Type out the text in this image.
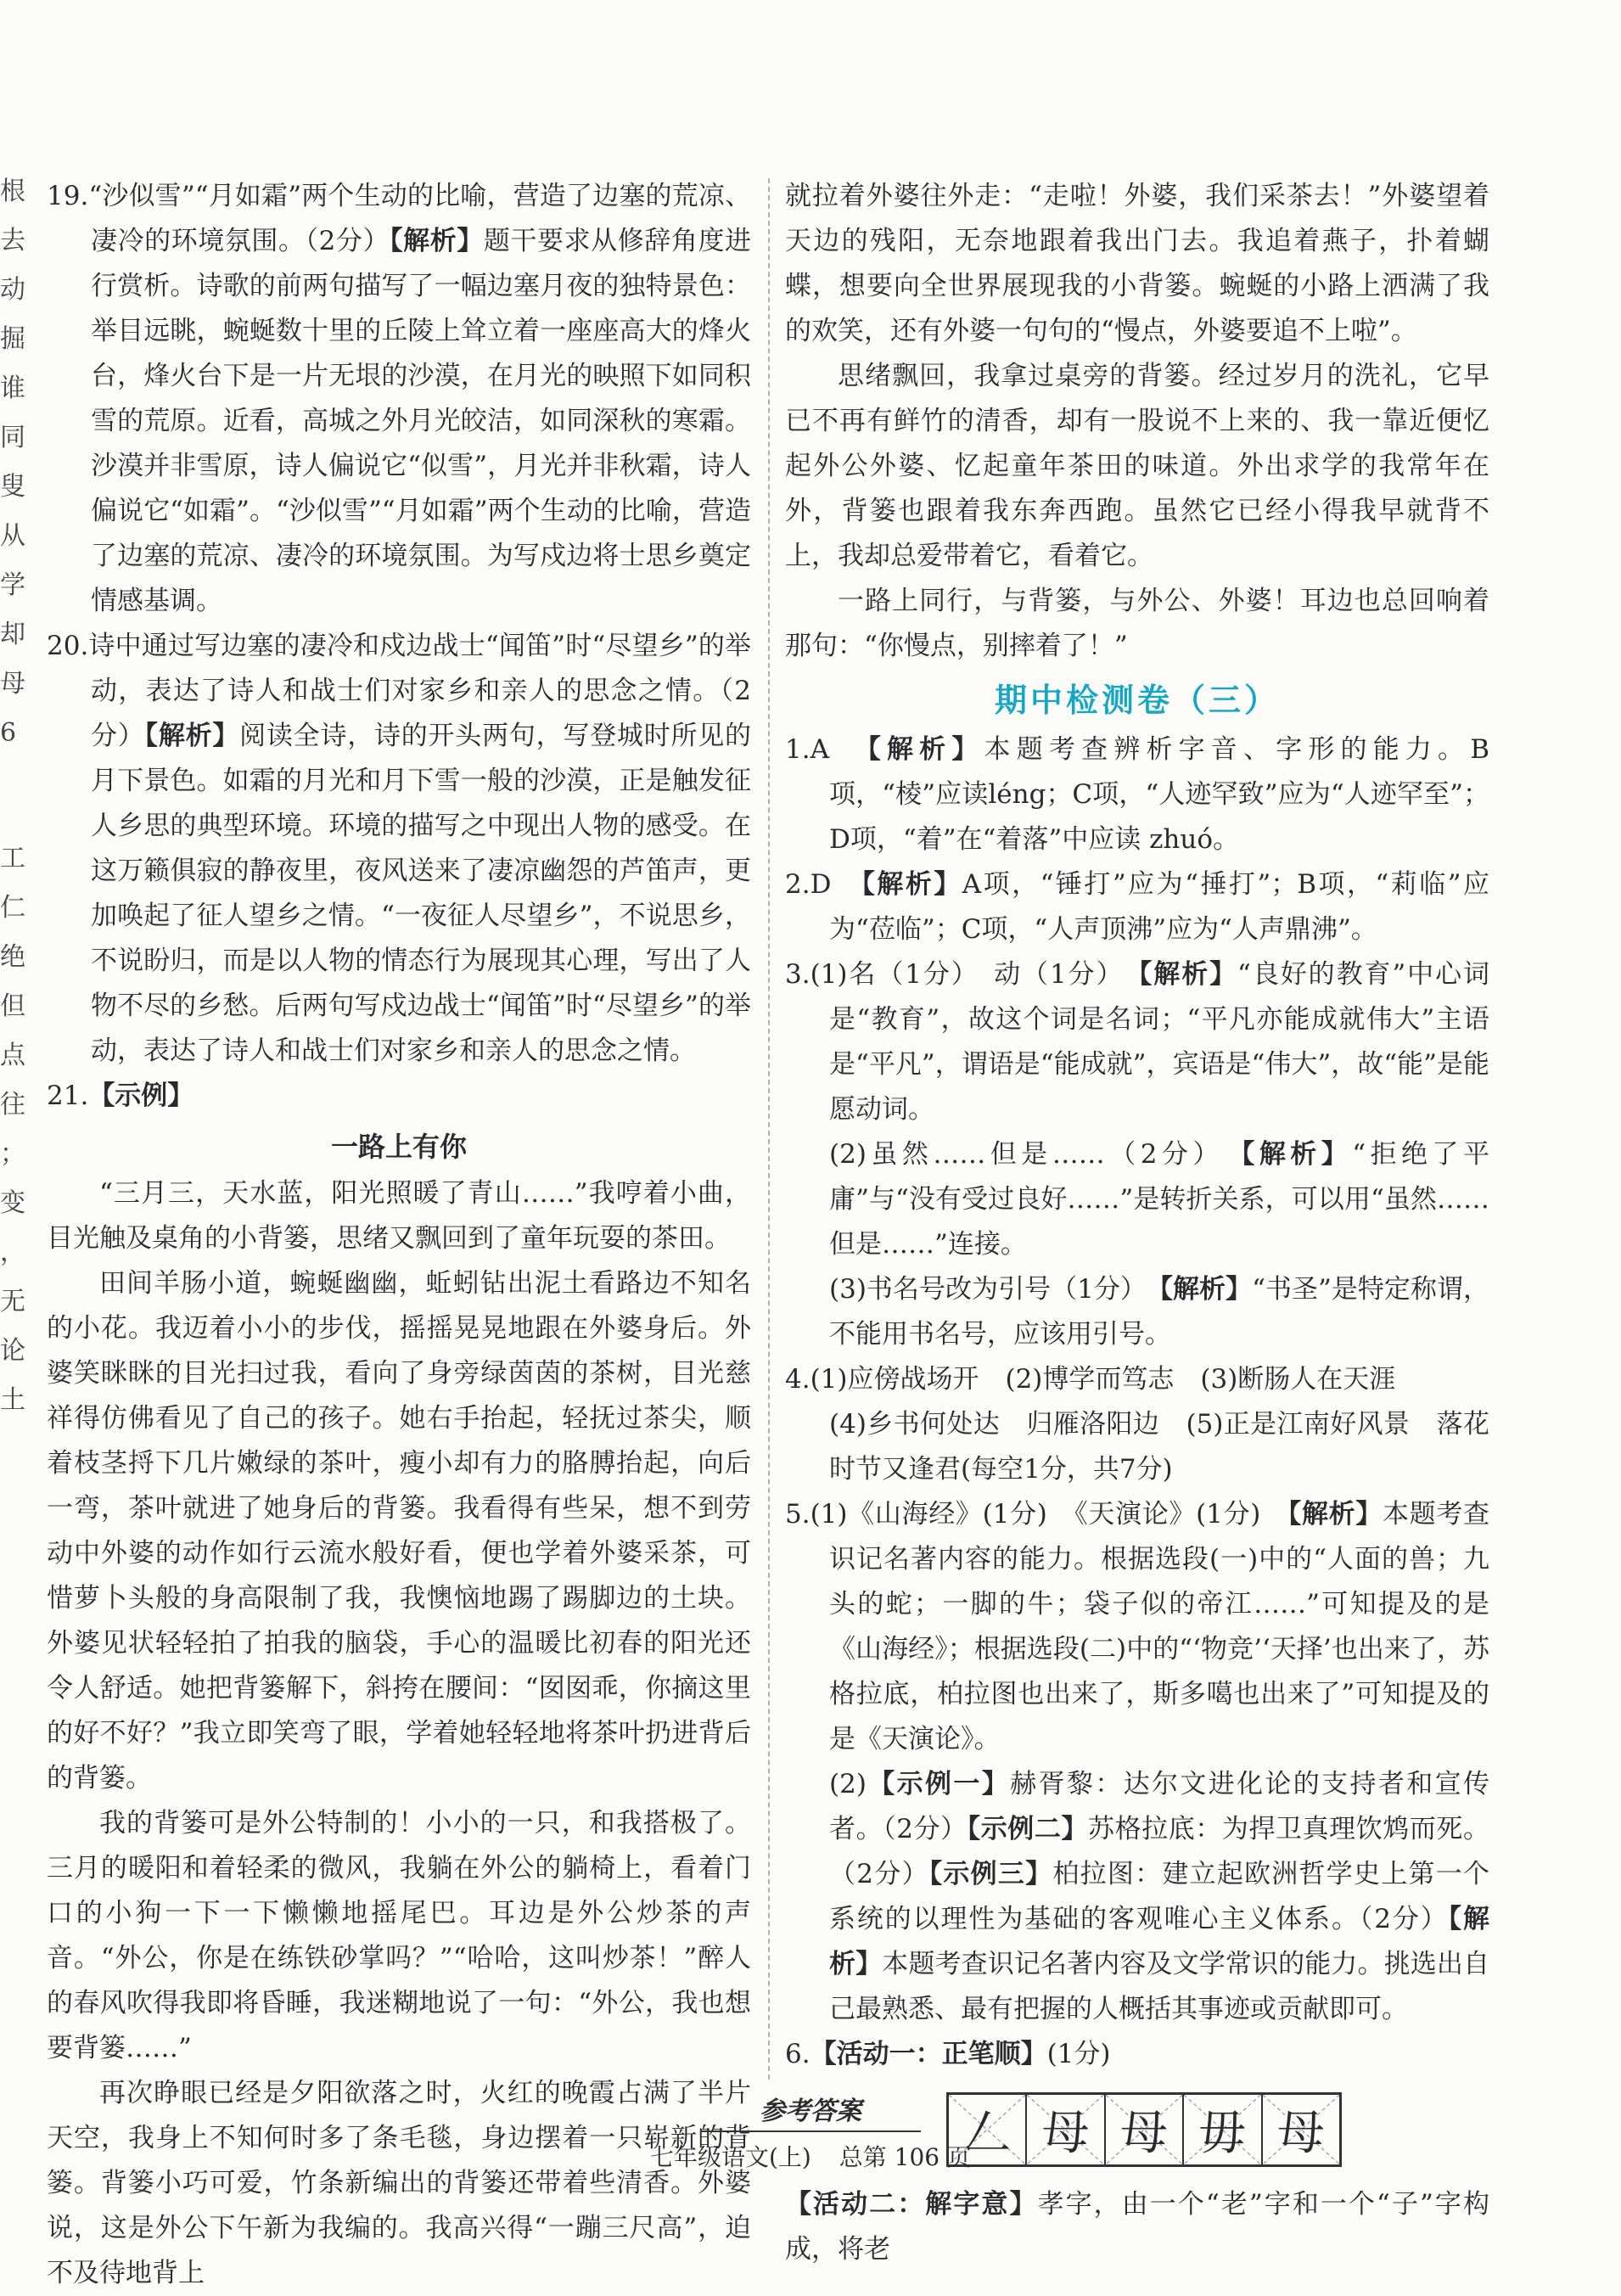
根
去
动
掘
谁
同
叟
从
学
却
母
6
工
仁
绝
但
点
往
；
变
，
无
论
土

19.“沙似雪”“月如霜”两个生动的比喻，营造了边塞的荒凉、凄冷的环境氛围。（2分）【解析】题干要求从修辞角度进行赏析。诗歌的前两句描写了一幅边塞月夜的独特景色：举目远眺，蜿蜒数十里的丘陵上耸立着一座座高大的烽火台，烽火台下是一片无垠的沙漠，在月光的映照下如同积雪的荒原。近看，高城之外月光皎洁，如同深秋的寒霜。沙漠并非雪原，诗人偏说它“似雪”，月光并非秋霜，诗人偏说它“如霜”。“沙似雪”“月如霜”两个生动的比喻，营造了边塞的荒凉、凄冷的环境氛围。为写戍边将士思乡奠定情感基调。

20.诗中通过写边塞的凄冷和戍边战士“闻笛”时“尽望乡”的举动，表达了诗人和战士们对家乡和亲人的思念之情。（2分）【解析】阅读全诗，诗的开头两句，写登城时所见的月下景色。如霜的月光和月下雪一般的沙漠，正是触发征人乡思的典型环境。环境的描写之中现出人物的感受。在这万籁俱寂的静夜里，夜风送来了凄凉幽怨的芦笛声，更加唤起了征人望乡之情。“一夜征人尽望乡”，不说思乡，不说盼归，而是以人物的情态行为展现其心理，写出了人物不尽的乡愁。后两句写戍边战士“闻笛”时“尽望乡”的举动，表达了诗人和战士们对家乡和亲人的思念之情。

21.【示例】

一路上有你

“三月三，天水蓝，阳光照暖了青山……”我哼着小曲，目光触及桌角的小背篓，思绪又飘回到了童年玩耍的茶田。

田间羊肠小道，蜿蜒幽幽，蚯蚓钻出泥土看路边不知名的小花。我迈着小小的步伐，摇摇晃晃地跟在外婆身后。外婆笑眯眯的目光扫过我，看向了身旁绿茵茵的茶树，目光慈祥得仿佛看见了自己的孩子。她右手抬起，轻抚过茶尖，顺着枝茎捋下几片嫩绿的茶叶，瘦小却有力的胳膊抬起，向后一弯，茶叶就进了她身后的背篓。我看得有些呆，想不到劳动中外婆的动作如行云流水般好看，便也学着外婆采茶，可惜萝卜头般的身高限制了我，我懊恼地踢了踢脚边的土块。外婆见状轻轻拍了拍我的脑袋，手心的温暖比初春的阳光还令人舒适。她把背篓解下，斜挎在腰间：“囡囡乖，你摘这里的好不好？”我立即笑弯了眼，学着她轻轻地将茶叶扔进背后的背篓。

我的背篓可是外公特制的！小小的一只，和我搭极了。三月的暖阳和着轻柔的微风，我躺在外公的躺椅上，看着门口的小狗一下一下懒懒地摇尾巴。耳边是外公炒茶的声音。“外公，你是在练铁砂掌吗？”“哈哈，这叫炒茶！”醉人的春风吹得我即将昏睡，我迷糊地说了一句：“外公，我也想要背篓……”

再次睁眼已经是夕阳欲落之时，火红的晚霞占满了半片天空，我身上不知何时多了条毛毯，身边摆着一只崭新的背篓。背篓小巧可爱，竹条新编出的背篓还带着些清香。外婆说，这是外公下午新为我编的。我高兴得“一蹦三尺高”，迫不及待地背上

就拉着外婆往外走：“走啦！外婆，我们采茶去！”外婆望着天边的残阳，无奈地跟着我出门去。我追着燕子，扑着蝴蝶，想要向全世界展现我的小背篓。蜿蜒的小路上洒满了我的欢笑，还有外婆一句句的“慢点，外婆要追不上啦”。

思绪飘回，我拿过桌旁的背篓。经过岁月的洗礼，它早已不再有鲜竹的清香，却有一股说不上来的、我一靠近便忆起外公外婆、忆起童年茶田的味道。外出求学的我常年在外，背篓也跟着我东奔西跑。虽然它已经小得我早就背不上，我却总爱带着它，看着它。

一路上同行，与背篓，与外公、外婆！耳边也总回响着那句：“你慢点，别摔着了！”

期中检测卷（三）

1.A　 【解析】本题考查辨析字音、字形的能力。B项，“棱”应读léng；C项，“人迹罕致”应为“人迹罕至”；D项，“着”在“着落”中应读 zhuó。

2.D　 【解析】A项，“锤打”应为“捶打”；B项，“莉临”应为“莅临”；C项，“人声顶沸”应为“人声鼎沸”。

3.(1)名（1分）　动（1分）　 【解析】“良好的教育”中心词是“教育”，故这个词是名词；“平凡亦能成就伟大”主语是“平凡”，谓语是“能成就”，宾语是“伟大”，故“能”是能愿动词。

(2)虽然……但是……（2分）　 【解析】“拒绝了平庸”与“没有受过良好……”是转折关系，可以用“虽然……但是……”连接。

(3)书名号改为引号（1分）　 【解析】“书圣”是特定称谓，不能用书名号，应该用引号。

4.(1)应傍战场开　(2)博学而笃志　(3)断肠人在天涯

(4)乡书何处达　归雁洛阳边　(5)正是江南好风景　落花时节又逢君(每空1分，共7分)

5.(1)《山海经》(1分)　《天演论》(1分)　 【解析】本题考查识记名著内容的能力。根据选段(一)中的“人面的兽；九头的蛇；一脚的牛；袋子似的帝江……”可知提及的是《山海经》；根据选段(二)中的“‘物竞’‘天择’也出来了，苏格拉底，柏拉图也出来了，斯多噶也出来了”可知提及的是《天演论》。

(2)【示例一】赫胥黎：达尔文进化论的支持者和宣传者。（2分）【示例二】苏格拉底：为捍卫真理饮鸩而死。（2分）【示例三】柏拉图：建立起欧洲哲学史上第一个系统的以理性为基础的客观唯心主义体系。（2分）【解析】本题考查识记名著内容及文学常识的能力。挑选出自己最熟悉、最有把握的人概括其事迹或贡献即可。

6.【活动一：正笔顺】(1分)

𠃋 ⺟ ⺟ 毋 母

【活动二：解字意】孝字，由一个“老”字和一个“子”字构成，将老

参考答案
七年级语文(上) 总第 106 页
